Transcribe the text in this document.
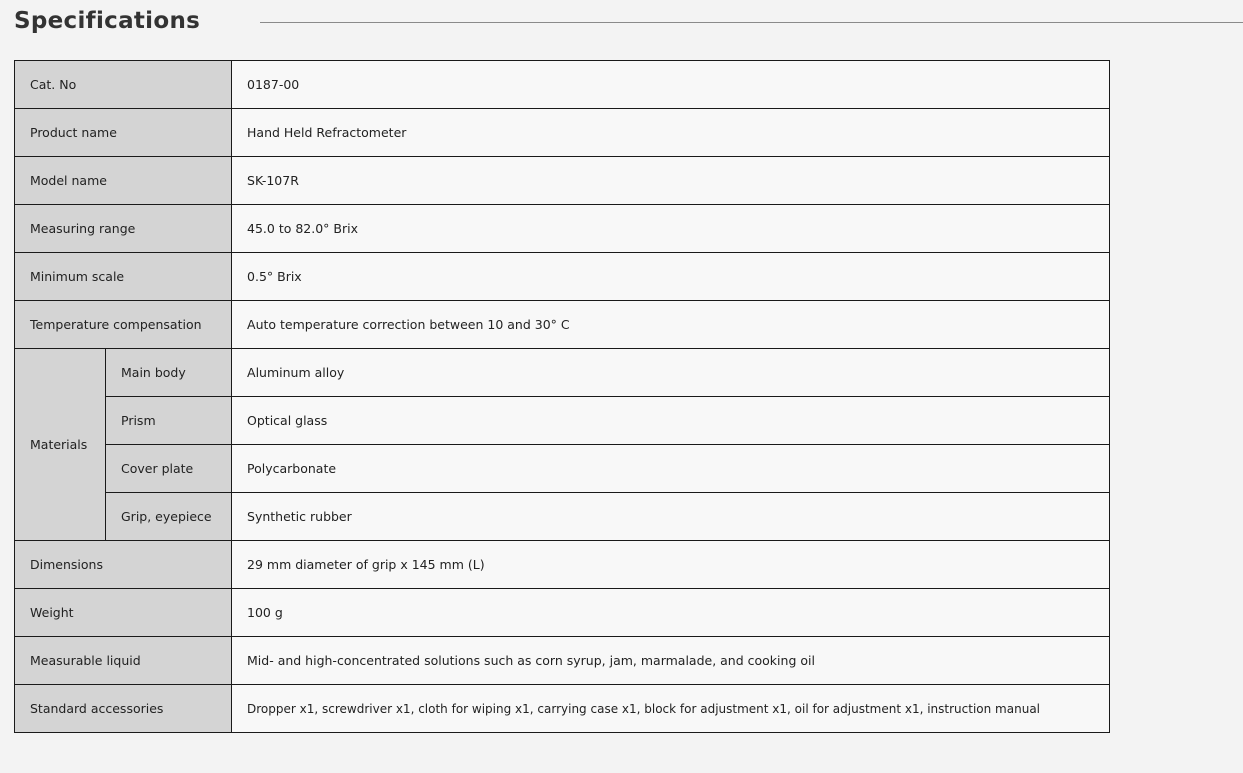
Specifications
Cat. No		0187-00
Product name		Hand Held Refractometer
Model name		SK-107R
Measuring range		45.0 to 82.0° Brix
Minimum scale		0.5° Brix
Temperature compensation		Auto temperature correction between 10 and 30° C
Materials	Main body	Aluminum alloy
	Prism	Optical glass
	Cover plate	Polycarbonate
	Grip, eyepiece	Synthetic rubber
Dimensions		29 mm diameter of grip x 145 mm (L)
Weight		100 g
Measurable liquid		Mid- and high-concentrated solutions such as corn syrup, jam, marmalade, and cooking oil
Standard accessories		Dropper x1, screwdriver x1, cloth for wiping x1, carrying case x1, block for adjustment x1, oil for adjustment x1, instruction manual
